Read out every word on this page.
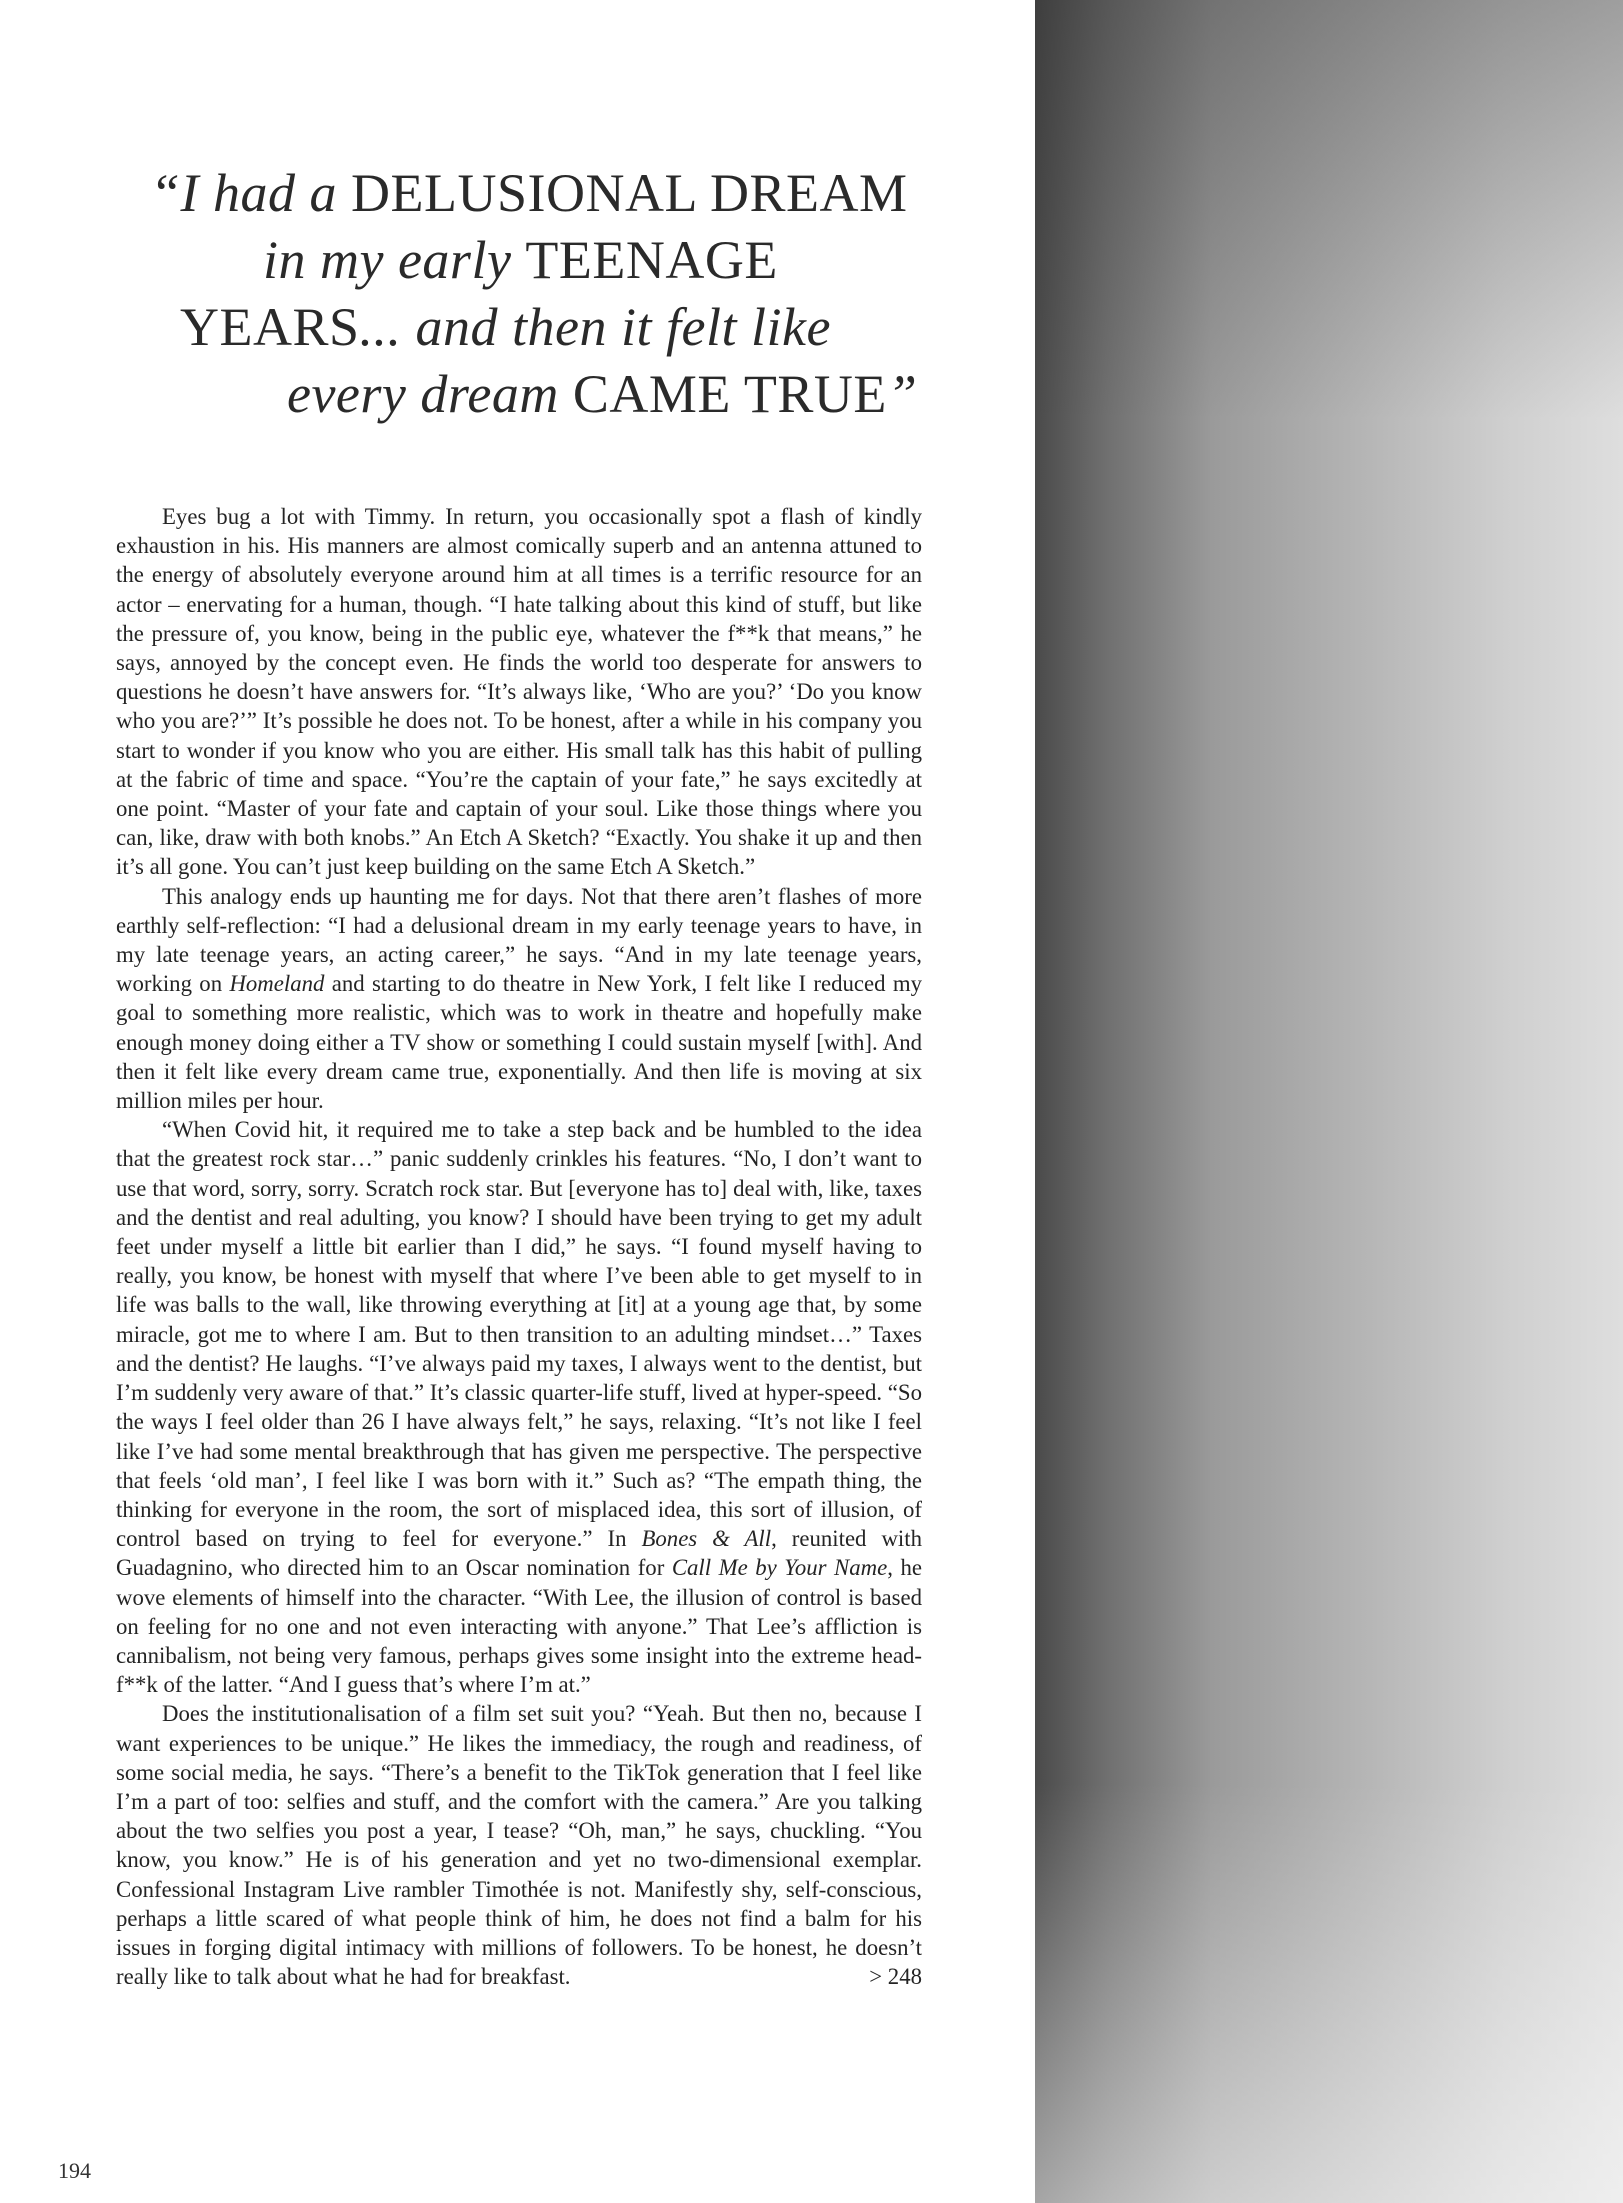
“I had a DELUSIONAL DREAM
in my early TEENAGE
YEARS... and then it felt like
every dream CAME TRUE”

Eyes bug a lot with Timmy. In return, you occasionally spot a flash of kindly exhaustion in his. His manners are almost comically superb and an antenna attuned to the energy of absolutely everyone around him at all times is a terrific resource for an actor – enervating for a human, though. “I hate talking about this kind of stuff, but like the pressure of, you know, being in the public eye, whatever the f**k that means,” he says, annoyed by the concept even. He finds the world too desperate for answers to questions he doesn’t have answers for. “It’s always like, ‘Who are you?’ ‘Do you know who you are?’” It’s possible he does not. To be honest, after a while in his company you start to wonder if you know who you are either. His small talk has this habit of pulling at the fabric of time and space. “You’re the captain of your fate,” he says excitedly at one point. “Master of your fate and captain of your soul. Like those things where you can, like, draw with both knobs.” An Etch A Sketch? “Exactly. You shake it up and then it’s all gone. You can’t just keep building on the same Etch A Sketch.”

This analogy ends up haunting me for days. Not that there aren’t flashes of more earthly self-reflection: “I had a delusional dream in my early teenage years to have, in my late teenage years, an acting career,” he says. “And in my late teenage years, working on Homeland and starting to do theatre in New York, I felt like I reduced my goal to something more realistic, which was to work in theatre and hopefully make enough money doing either a TV show or something I could sustain myself [with]. And then it felt like every dream came true, exponentially. And then life is moving at six million miles per hour.

“When Covid hit, it required me to take a step back and be humbled to the idea that the greatest rock star…” panic suddenly crinkles his features. “No, I don’t want to use that word, sorry, sorry. Scratch rock star. But [everyone has to] deal with, like, taxes and the dentist and real adulting, you know? I should have been trying to get my adult feet under myself a little bit earlier than I did,” he says. “I found myself having to really, you know, be honest with myself that where I’ve been able to get myself to in life was balls to the wall, like throwing everything at [it] at a young age that, by some miracle, got me to where I am. But to then transition to an adulting mindset…” Taxes and the dentist? He laughs. “I’ve always paid my taxes, I always went to the dentist, but I’m suddenly very aware of that.” It’s classic quarter-life stuff, lived at hyper-speed. “So the ways I feel older than 26 I have always felt,” he says, relaxing. “It’s not like I feel like I’ve had some mental breakthrough that has given me perspective. The perspective that feels ‘old man’, I feel like I was born with it.” Such as? “The empath thing, the thinking for everyone in the room, the sort of misplaced idea, this sort of illusion, of control based on trying to feel for everyone.” In Bones & All, reunited with Guadagnino, who directed him to an Oscar nomination for Call Me by Your Name, he wove elements of himself into the character. “With Lee, the illusion of control is based on feeling for no one and not even interacting with anyone.” That Lee’s affliction is cannibalism, not being very famous, perhaps gives some insight into the extreme head-f**k of the latter. “And I guess that’s where I’m at.”

Does the institutionalisation of a film set suit you? “Yeah. But then no, because I want experiences to be unique.” He likes the immediacy, the rough and readiness, of some social media, he says. “There’s a benefit to the TikTok generation that I feel like I’m a part of too: selfies and stuff, and the comfort with the camera.” Are you talking about the two selfies you post a year, I tease? “Oh, man,” he says, chuckling. “You know, you know.” He is of his generation and yet no two-dimensional exemplar. Confessional Instagram Live rambler Timothée is not. Manifestly shy, self-conscious, perhaps a little scared of what people think of him, he does not find a balm for his issues in forging digital intimacy with millions of followers. To be honest, he doesn’t really like to talk about what he had for breakfast.	> 248

194
